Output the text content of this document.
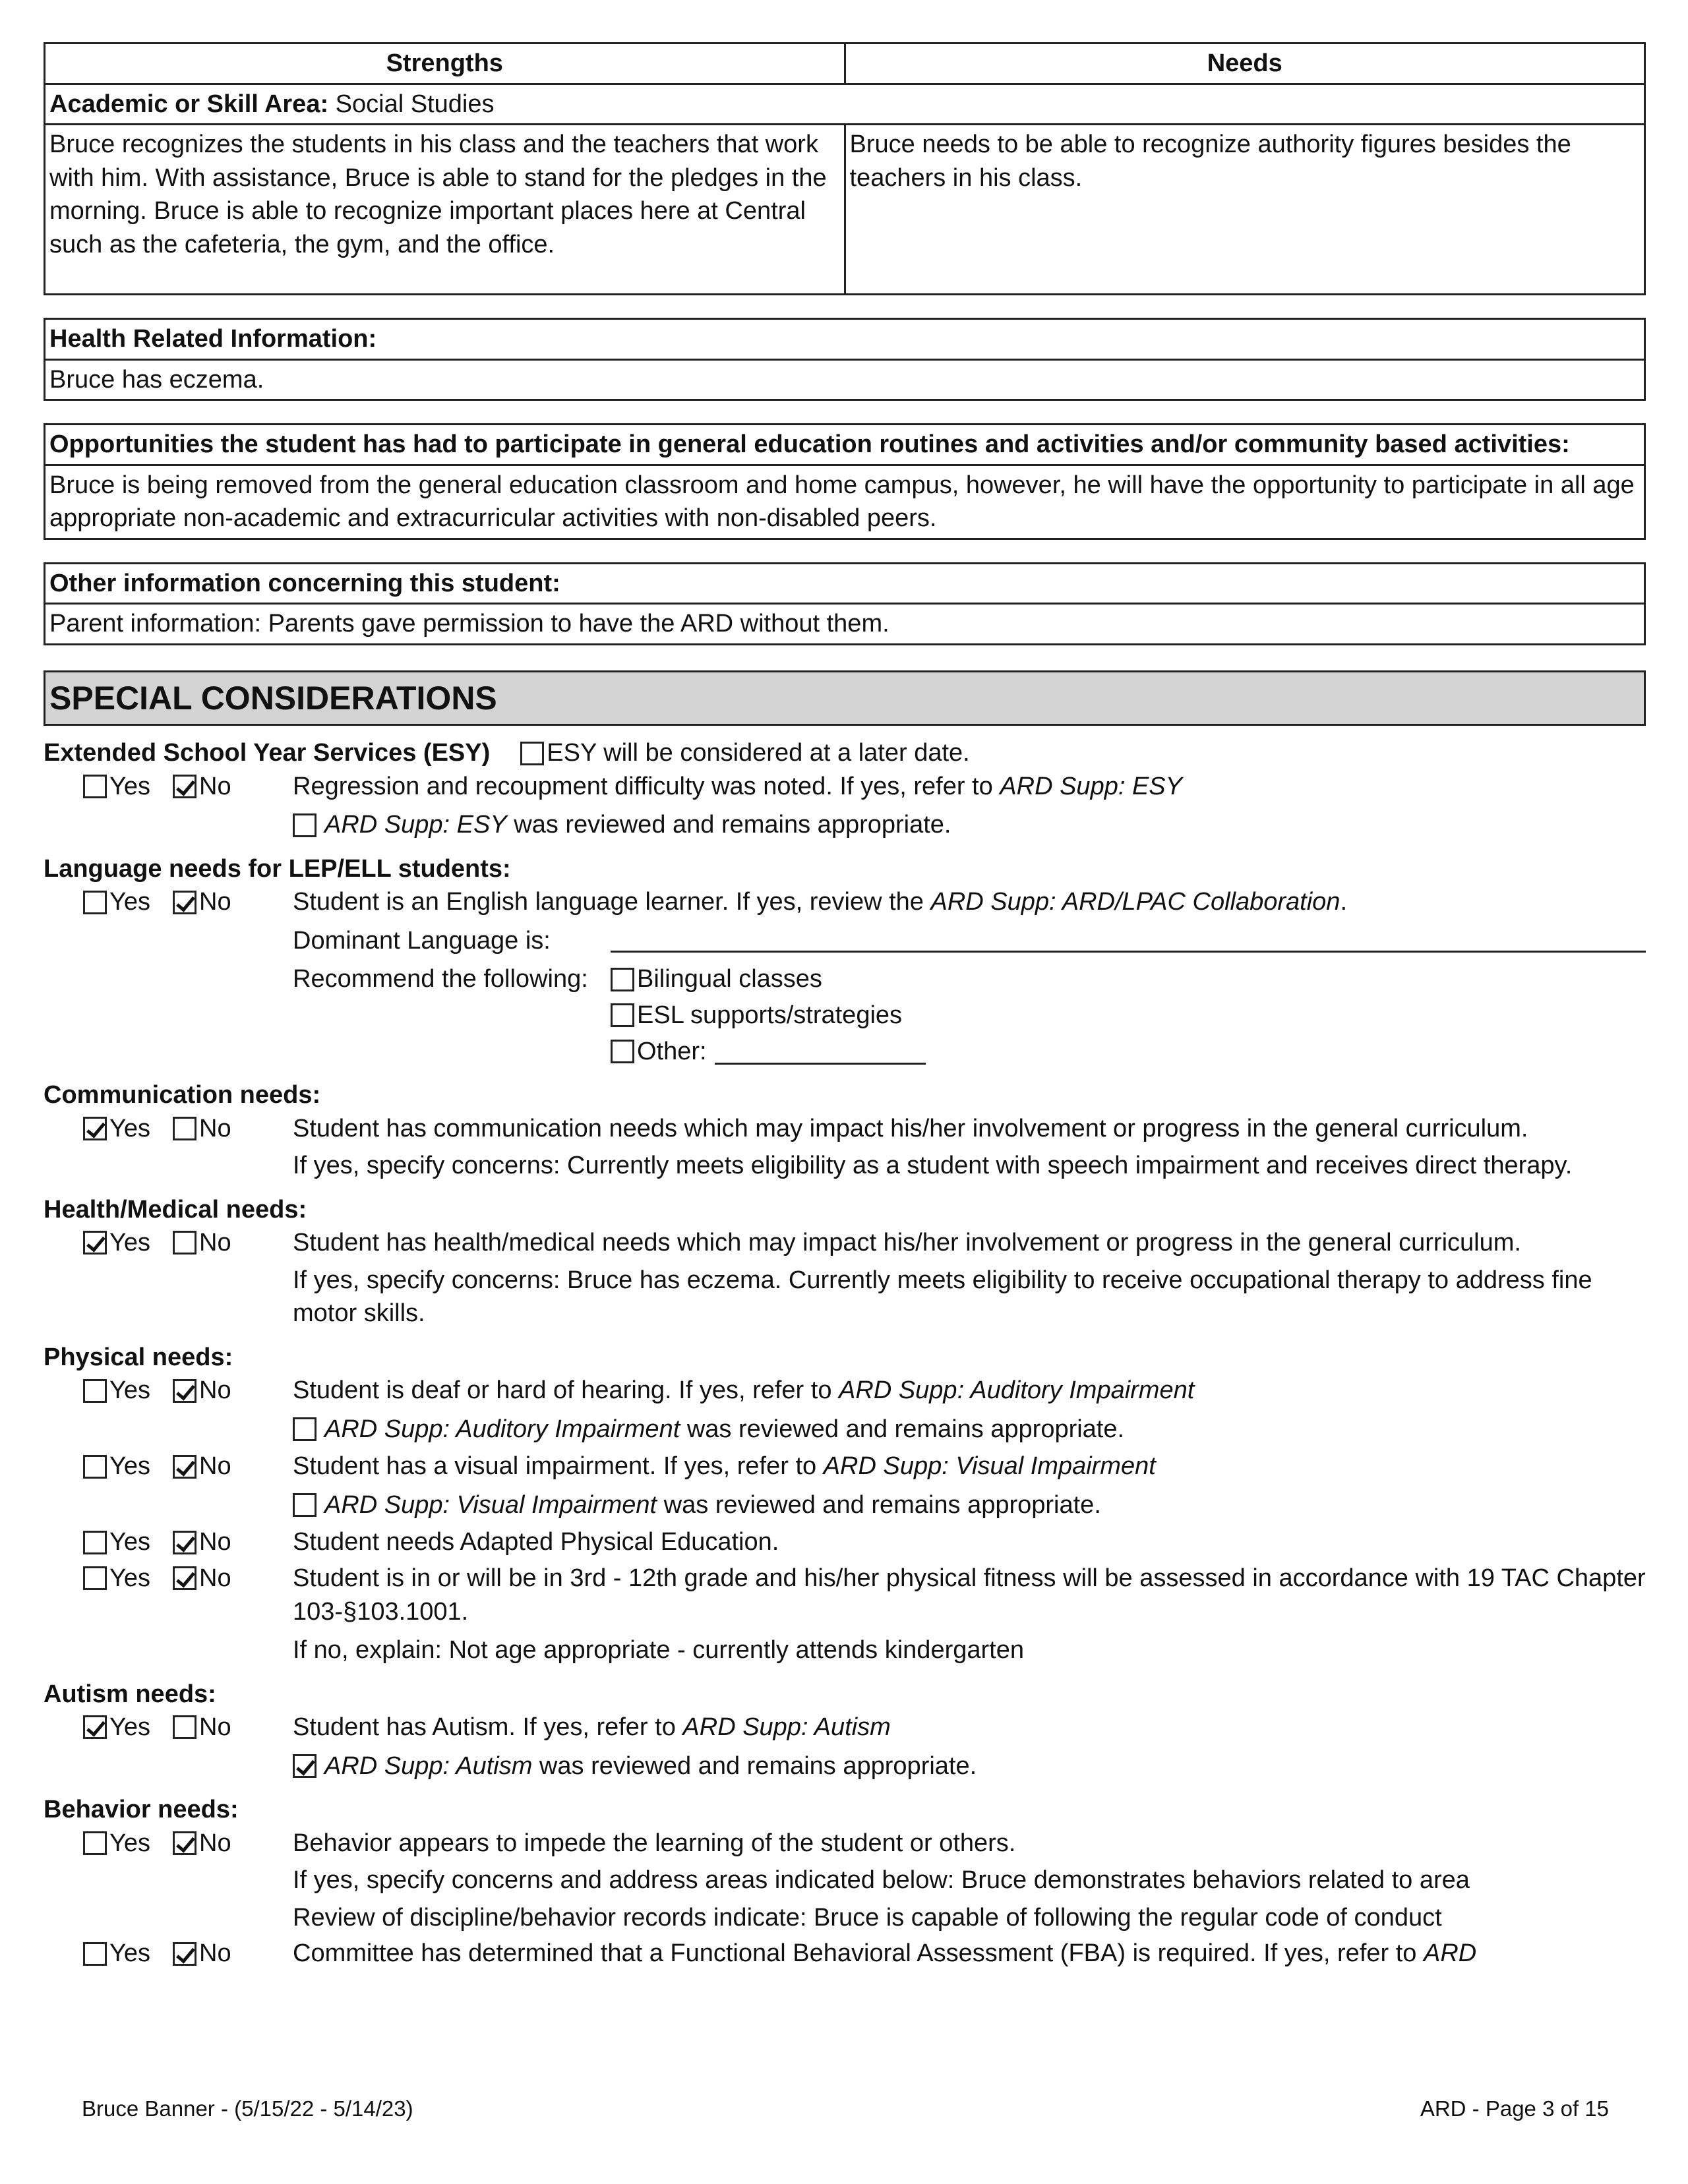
Strengths	Needs
Academic or Skill Area: Social Studies	
Bruce recognizes the students in his class and the teachers that work with him. With assistance, Bruce is able to stand for the pledges in the morning. Bruce is able to recognize important places here at Central such as the cafeteria, the gym, and the office.	Bruce needs to be able to recognize authority figures besides the teachers in his class.
Health Related Information:
Bruce has eczema.
Opportunities the student has had to participate in general education routines and activities and/or community based activities:
Bruce is being removed from the general education classroom and home campus, however, he will have the opportunity to participate in all age appropriate non-academic and extracurricular activities with non-disabled peers.
Other information concerning this student:
Parent information: Parents gave permission to have the ARD without them.
SPECIAL CONSIDERATIONS
Extended School Year Services (ESY) ESY will be considered at a later date.
Yes No Regression and recoupment difficulty was noted. If yes, refer to ARD Supp: ESY
ARD Supp: ESY was reviewed and remains appropriate.
Language needs for LEP/ELL students:
Yes No Student is an English language learner. If yes, review the ARD Supp: ARD/LPAC Collaboration.
Dominant Language is:
Recommend the following:	Bilingual classes
ESL supports/strategies
Other:
Communication needs:
Yes No Student has communication needs which may impact his/her involvement or progress in the general curriculum.
If yes, specify concerns: Currently meets eligibility as a student with speech impairment and receives direct therapy.
Health/Medical needs:
Yes No Student has health/medical needs which may impact his/her involvement or progress in the general curriculum.
If yes, specify concerns: Bruce has eczema. Currently meets eligibility to receive occupational therapy to address fine motor skills.
Physical needs:
Yes No Student is deaf or hard of hearing. If yes, refer to ARD Supp: Auditory Impairment
ARD Supp: Auditory Impairment was reviewed and remains appropriate.
Yes No Student has a visual impairment. If yes, refer to ARD Supp: Visual Impairment
ARD Supp: Visual Impairment was reviewed and remains appropriate.
Yes No Student needs Adapted Physical Education.
Yes No Student is in or will be in 3rd - 12th grade and his/her physical fitness will be assessed in accordance with 19 TAC Chapter 103-§103.1001.
If no, explain: Not age appropriate - currently attends kindergarten
Autism needs:
Yes No Student has Autism. If yes, refer to ARD Supp: Autism
ARD Supp: Autism was reviewed and remains appropriate.
Behavior needs:
Yes No Behavior appears to impede the learning of the student or others.
If yes, specify concerns and address areas indicated below: Bruce demonstrates behaviors related to area
Review of discipline/behavior records indicate: Bruce is capable of following the regular code of conduct
Yes No Committee has determined that a Functional Behavioral Assessment (FBA) is required. If yes, refer to ARD
Bruce Banner - (5/15/22 - 5/14/23)	ARD - Page 3 of 15
